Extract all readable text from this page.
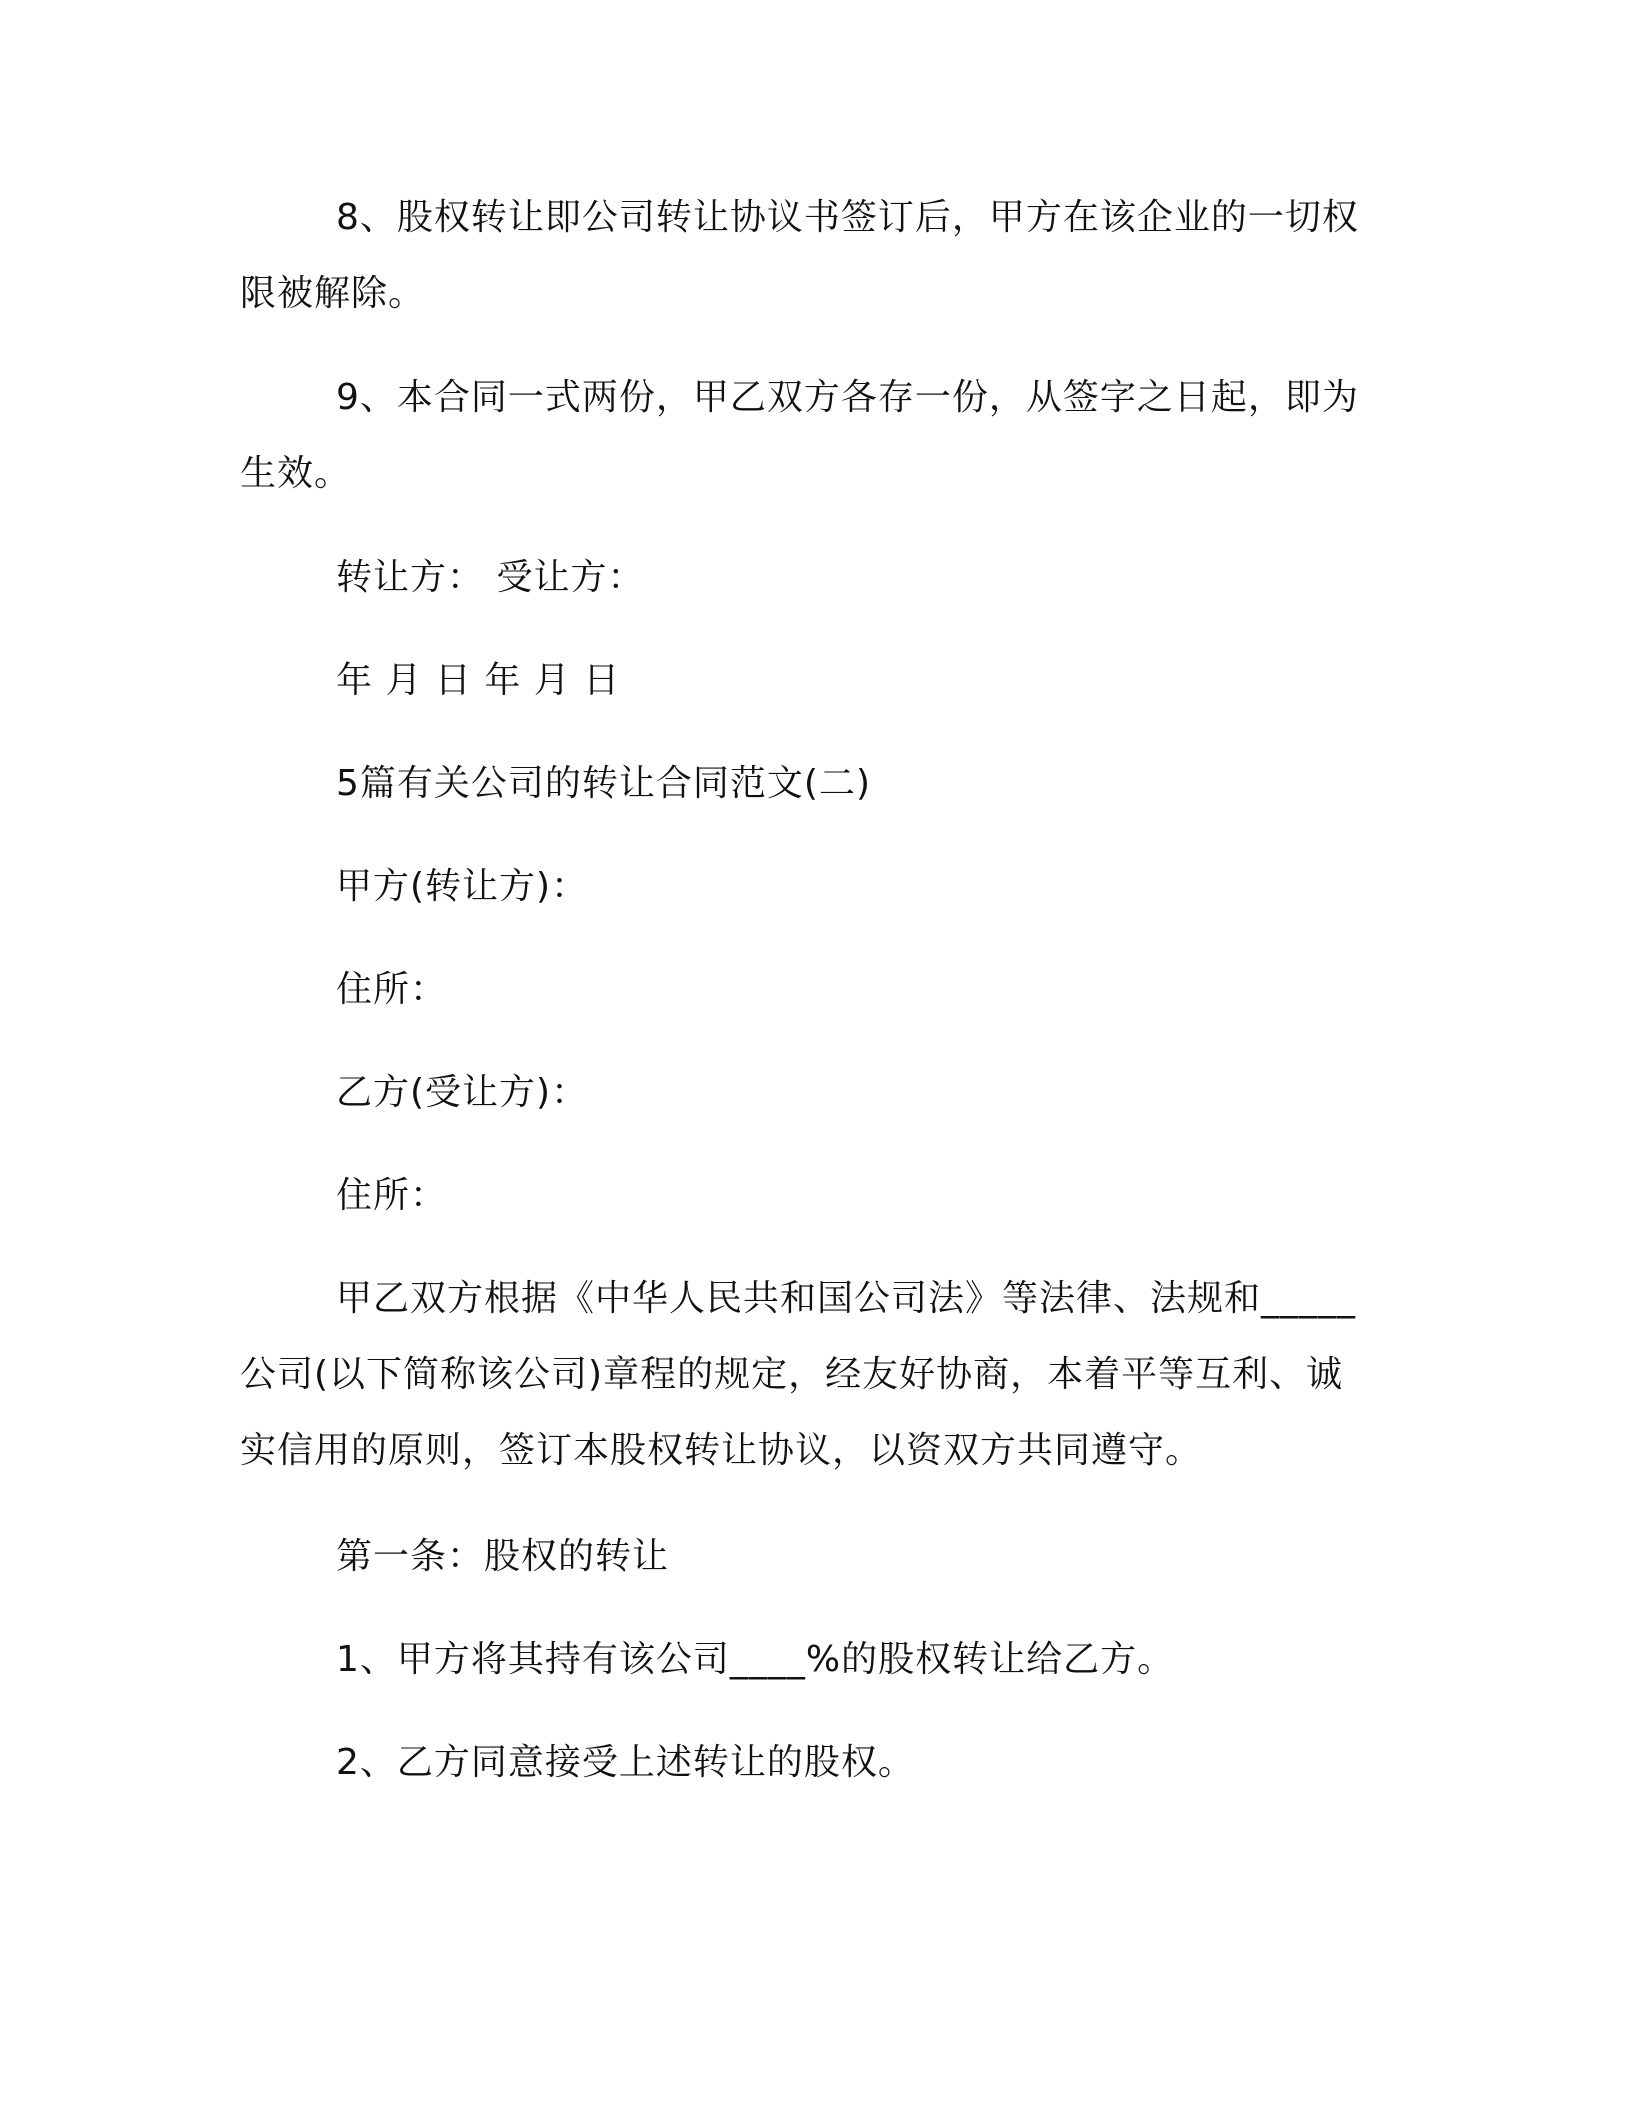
8、股权转让即公司转让协议书签订后，甲方在该企业的一切权限被解除。

9、本合同一式两份，甲乙双方各存一份，从签字之日起，即为生效。

转让方： 受让方：

年 月 日 年 月 日

5篇有关公司的转让合同范文(二)

甲方(转让方)：

住所：

乙方(受让方)：

住所：

甲乙双方根据《中华人民共和国公司法》等法律、法规和_____公司(以下简称该公司)章程的规定，经友好协商，本着平等互利、诚实信用的原则，签订本股权转让协议，以资双方共同遵守。

第一条：股权的转让

1、甲方将其持有该公司____%的股权转让给乙方。

2、乙方同意接受上述转让的股权。
